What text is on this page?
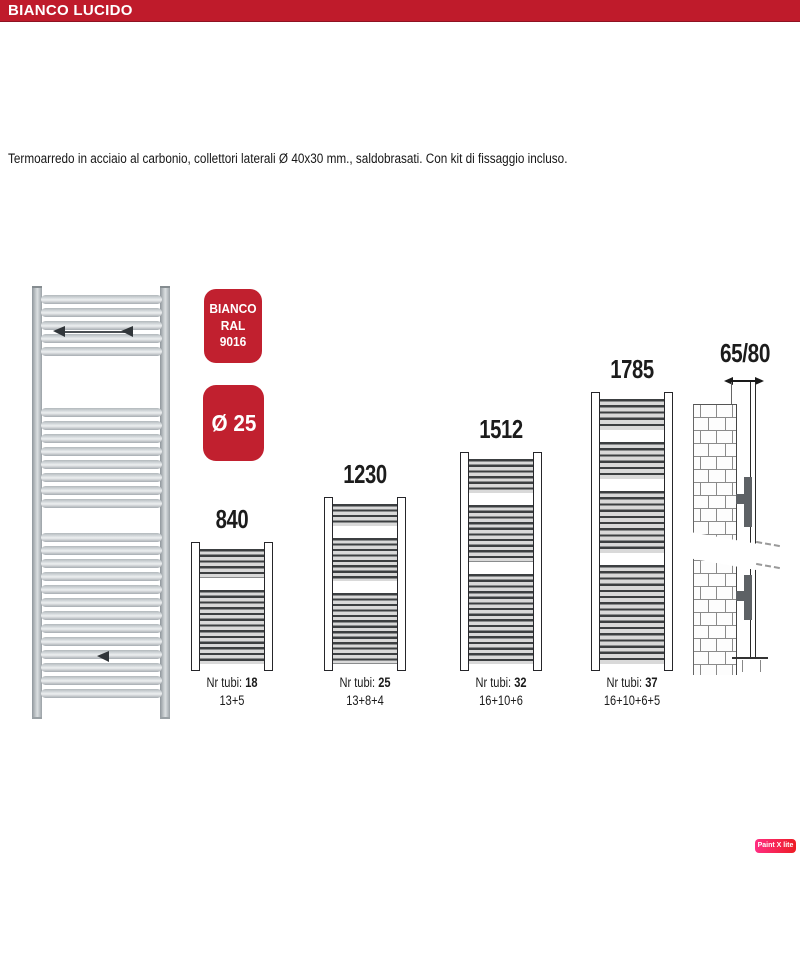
BIANCO LUCIDO

Termoarredo in acciaio al carbonio, collettori laterali Ø 40x30 mm., saldobrasati. Con kit di fissaggio incluso.

BIANCO
RAL
9016
Ø 25
840
Nr tubi: 18
13+5
1230
Nr tubi: 25
13+8+4
1512
Nr tubi: 32
16+10+6
1785
Nr tubi: 37
16+10+6+5
65/80
Paint X lite
